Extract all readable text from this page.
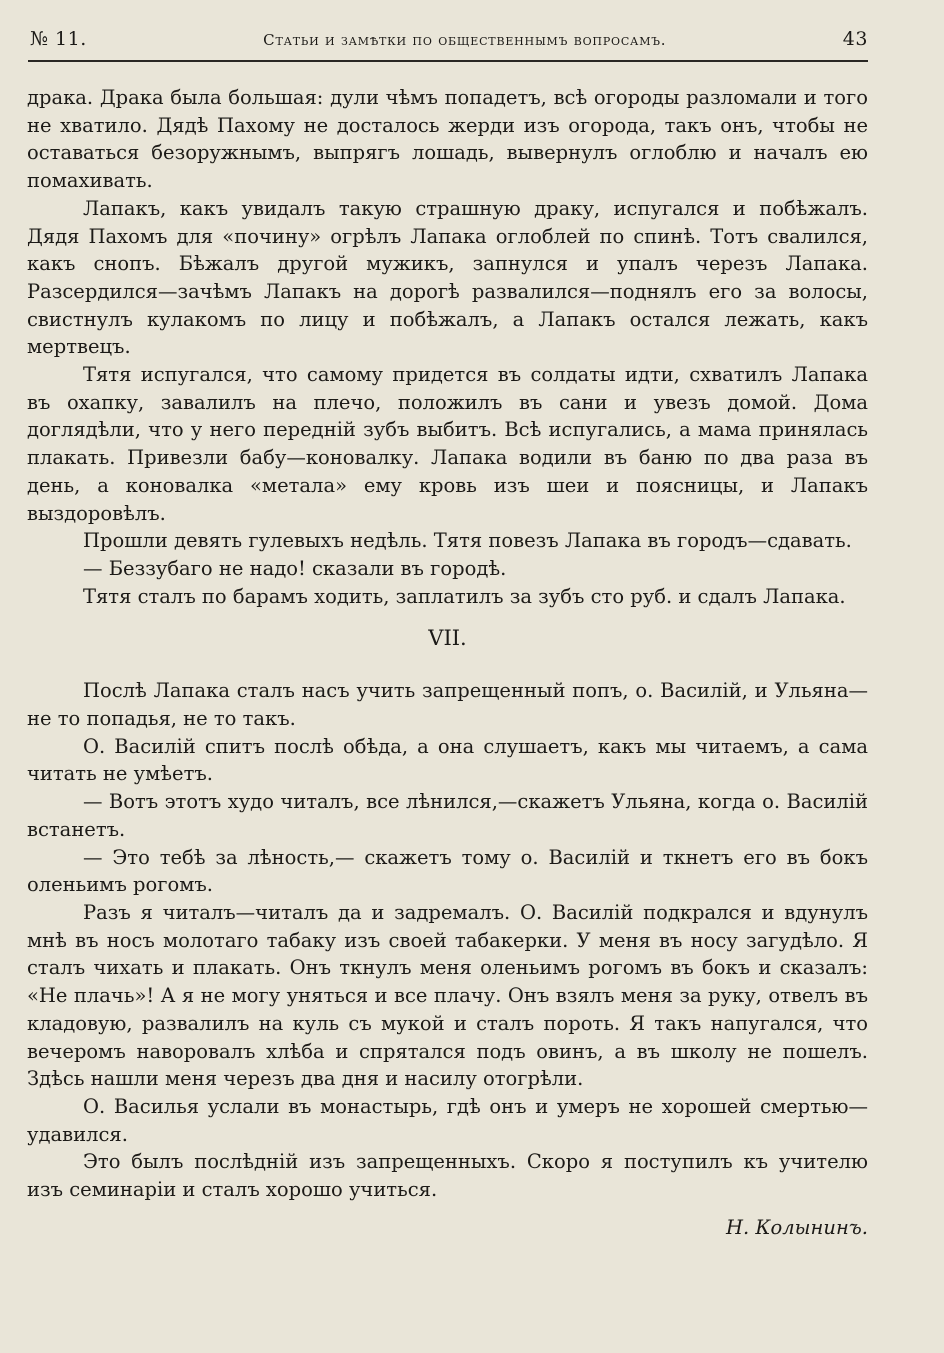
№ 11.	Статьи и замѣтки по общественнымъ вопросамъ.	43

драка. Драка была большая: дули чѣмъ попадетъ, всѣ огороды разломали и того не хватило. Дядѣ Пахому не досталось жерди изъ огорода, такъ онъ, чтобы не оставаться безоружнымъ, выпрягъ лошадь, вывернулъ оглоблю и началъ ею помахивать.

Лапакъ, какъ увидалъ такую страшную драку, испугался и побѣжалъ. Дядя Пахомъ для «почину» огрѣлъ Лапака оглоблей по спинѣ. Тотъ свалился, какъ снопъ. Бѣжалъ другой мужикъ, запнулся и упалъ черезъ Лапака. Разсердился—зачѣмъ Лапакъ на дорогѣ развалился—поднялъ его за волосы, свистнулъ кулакомъ по лицу и побѣжалъ, а Лапакъ остался лежать, какъ мертвецъ.

Тятя испугался, что самому придется въ солдаты идти, схватилъ Лапака въ охапку, завалилъ на плечо, положилъ въ сани и увезъ домой. Дома доглядѣли, что у него передній зубъ выбитъ. Всѣ испугались, а мама принялась плакать. Привезли бабу—коновалку. Лапака водили въ баню по два раза въ день, а коновалка «метала» ему кровь изъ шеи и поясницы, и Лапакъ выздоровѣлъ.

Прошли девять гулевыхъ недѣль. Тятя повезъ Лапака въ городъ—сдавать.

— Беззубаго не надо! сказали въ городѣ.

Тятя сталъ по барамъ ходить, заплатилъ за зубъ сто руб. и сдалъ Лапака.

VII.

Послѣ Лапака сталъ насъ учить запрещенный попъ, о. Василій, и Ульяна—не то попадья, не то такъ.

О. Василій спитъ послѣ обѣда, а она слушаетъ, какъ мы читаемъ, а сама читать не умѣетъ.

— Вотъ этотъ худо читалъ, все лѣнился,—скажетъ Ульяна, когда о. Василій встанетъ.

— Это тебѣ за лѣность,— скажетъ тому о. Василій и ткнетъ его въ бокъ оленьимъ рогомъ.

Разъ я читалъ—читалъ да и задремалъ. О. Василій подкрался и вдунулъ мнѣ въ носъ молотаго табаку изъ своей табакерки. У меня въ носу загудѣло. Я сталъ чихать и плакать. Онъ ткнулъ меня оленьимъ рогомъ въ бокъ и сказалъ: «Не плачь»! А я не могу уняться и все плачу. Онъ взялъ меня за руку, отвелъ въ кладовую, развалилъ на куль съ мукой и сталъ пороть. Я такъ напугался, что вечеромъ наворовалъ хлѣба и спрятался подъ овинъ, а въ школу не пошелъ. Здѣсь нашли меня черезъ два дня и насилу отогрѣли.

О. Василья услали въ монастырь, гдѣ онъ и умеръ не хорошей смертью—удавился.

Это былъ послѣдній изъ запрещенныхъ. Скоро я поступилъ къ учителю изъ семинаріи и сталъ хорошо учиться.

Н. Колынинъ.
